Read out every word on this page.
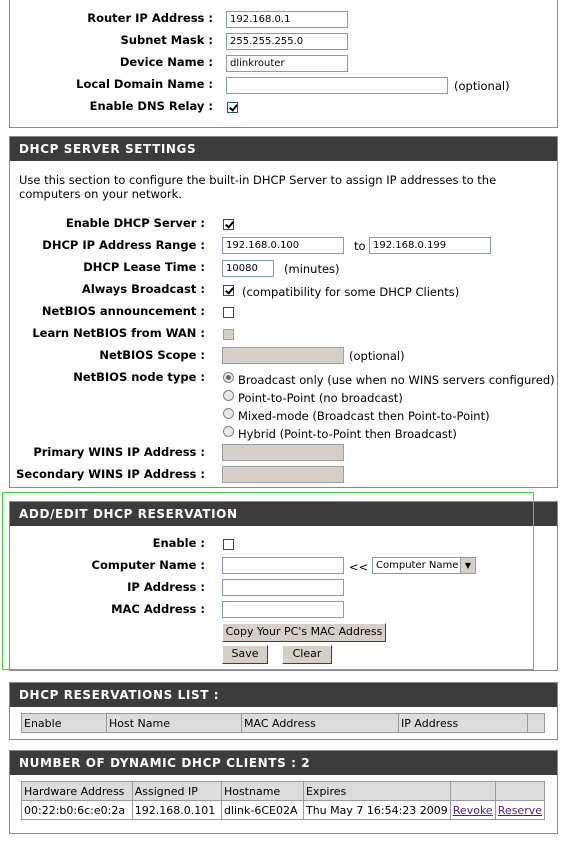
Router IP Address :	192.168.0.1
Subnet Mask :	255.255.255.0
Device Name :	dlinkrouter
Local Domain Name :	(optional)
Enable DNS Relay :
DHCP SERVER SETTINGS
Use this section to configure the built-in DHCP Server to assign IP addresses to the computers on your network.
Enable DHCP Server :
DHCP IP Address Range :	192.168.0.100	to 192.168.0.199
DHCP Lease Time :	10080	(minutes)
Always Broadcast :	(compatibility for some DHCP Clients)
NetBIOS announcement :
Learn NetBIOS from WAN :
NetBIOS Scope :	(optional)
NetBIOS node type :	Broadcast only (use when no WINS servers configured)
Point-to-Point (no broadcast)
Mixed-mode (Broadcast then Point-to-Point)
Hybrid (Point-to-Point then Broadcast)
Primary WINS IP Address :
Secondary WINS IP Address :
ADD/EDIT DHCP RESERVATION
Enable :
Computer Name :	<< Computer Name ▼
IP Address :
MAC Address :
Copy Your PC's MAC Address
Save	Clear
DHCP RESERVATIONS LIST :
Enable	Host Name	MAC Address	IP Address	
NUMBER OF DYNAMIC DHCP CLIENTS : 2
Hardware Address	Assigned IP	Hostname	Expires		
00:22:b0:6c:e0:2a	192.168.0.101	dlink-6CE02A	Thu May 7 16:54:23 2009	Revoke	Reserve
